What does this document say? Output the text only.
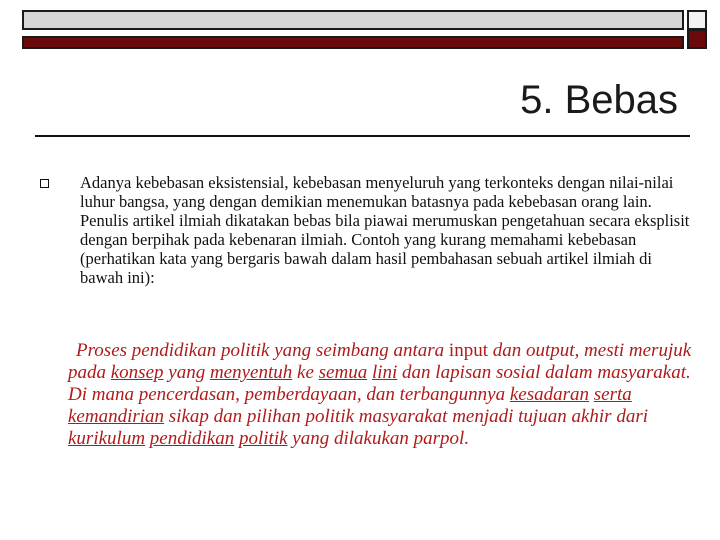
5. Bebas
Adanya kebebasan eksistensial, kebebasan menyeluruh yang terkonteks dengan nilai-nilai luhur bangsa, yang dengan demikian menemukan batasnya pada kebebasan orang lain. Penulis artikel ilmiah dikatakan bebas bila piawai merumuskan pengetahuan secara eksplisit dengan berpihak pada kebenaran ilmiah. Contoh yang kurang memahami kebebasan (perhatikan kata yang bergaris bawah dalam hasil pembahasan sebuah artikel ilmiah di bawah ini):
Proses pendidikan politik yang seimbang antara input dan output, mesti merujuk pada konsep yang menyentuh ke semua lini dan lapisan sosial dalam masyarakat. Di mana pencerdasan, pemberdayaan, dan terbangunnya kesadaran serta kemandirian sikap dan pilihan politik masyarakat menjadi tujuan akhir dari kurikulum pendidikan politik yang dilakukan parpol.
